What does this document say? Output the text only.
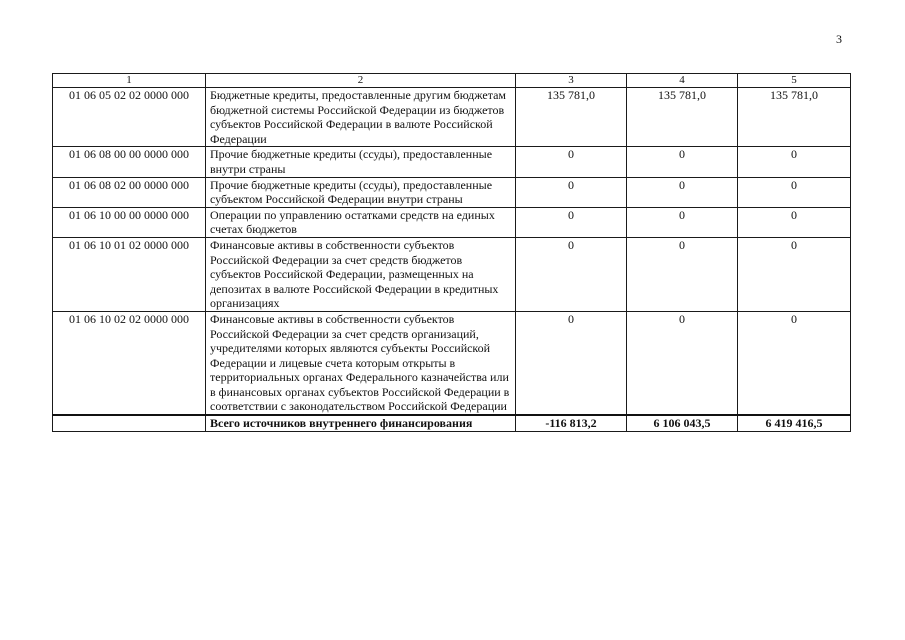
3
1	2	3	4	5
01 06 05 02 02 0000 000	Бюджетные кредиты, предоставленные другим бюджетам бюджетной системы Российской Федерации из бюджетов субъектов Российской Федерации в валюте Российской Федерации	135 781,0	135 781,0	135 781,0
01 06 08 00 00 0000 000	Прочие бюджетные кредиты (ссуды), предоставленные внутри страны	0	0	0
01 06 08 02 00 0000 000	Прочие бюджетные кредиты (ссуды), предоставленные субъектом Российской Федерации внутри страны	0	0	0
01 06 10 00 00 0000 000	Операции по управлению остатками средств на единых счетах бюджетов	0	0	0
01 06 10 01 02 0000 000	Финансовые активы в собственности субъектов Российской Федерации за счет средств бюджетов субъектов Российской Федерации, размещенных на депозитах в валюте Российской Федерации в кредитных организациях	0	0	0
01 06 10 02 02 0000 000	Финансовые активы в собственности субъектов Российской Федерации за счет средств организаций, учредителями которых являются субъекты Российской Федерации и лицевые счета которым открыты в территориальных органах Федерального казначейства или в финансовых органах субъектов Российской Федерации в соответствии с законодательством Российской Федерации	0	0	0
	Всего источников внутреннего финансирования	-116 813,2	6 106 043,5	6 419 416,5
